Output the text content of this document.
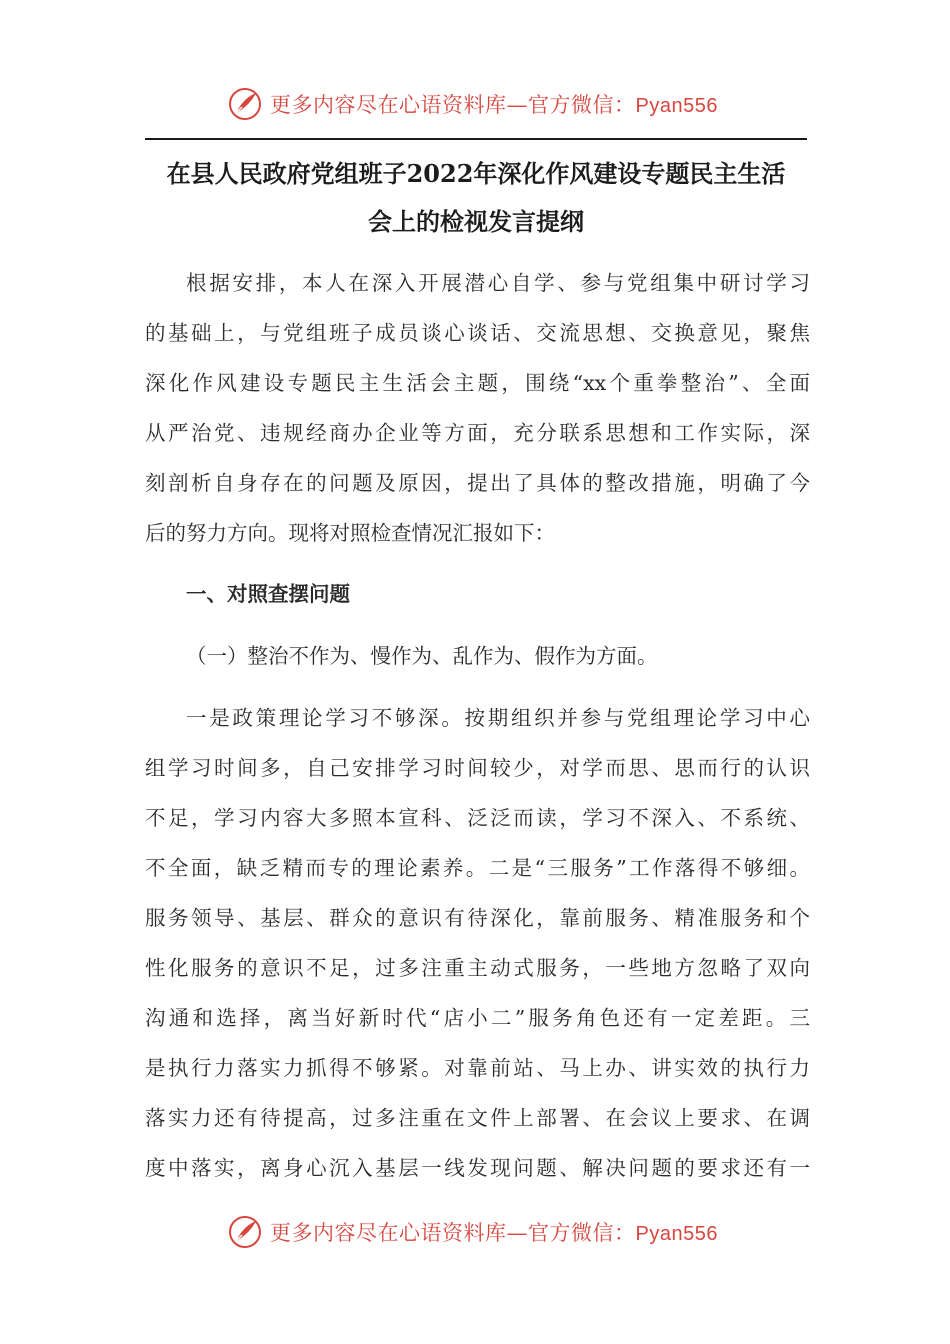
更多内容尽在心语资料库—官方微信：Pyan556
在县人民政府党组班子2022年深化作风建设专题民主生活
会上的检视发言提纲
根据安排，本人在深入开展潜心自学、参与党组集中研讨学习
的基础上，与党组班子成员谈心谈话、交流思想、交换意见，聚焦
深化作风建设专题民主生活会主题，围绕“xx个重拳整治”、全面
从严治党、违规经商办企业等方面，充分联系思想和工作实际，深
刻剖析自身存在的问题及原因，提出了具体的整改措施，明确了今
后的努力方向。现将对照检查情况汇报如下：
一、对照查摆问题
（一）整治不作为、慢作为、乱作为、假作为方面。
一是政策理论学习不够深。按期组织并参与党组理论学习中心
组学习时间多，自己安排学习时间较少，对学而思、思而行的认识
不足，学习内容大多照本宣科、泛泛而读，学习不深入、不系统、
不全面，缺乏精而专的理论素养。二是“三服务”工作落得不够细。
服务领导、基层、群众的意识有待深化，靠前服务、精准服务和个
性化服务的意识不足，过多注重主动式服务，一些地方忽略了双向
沟通和选择，离当好新时代“店小二”服务角色还有一定差距。三
是执行力落实力抓得不够紧。对靠前站、马上办、讲实效的执行力
落实力还有待提高，过多注重在文件上部署、在会议上要求、在调
度中落实，离身心沉入基层一线发现问题、解决问题的要求还有一
更多内容尽在心语资料库—官方微信：Pyan556
